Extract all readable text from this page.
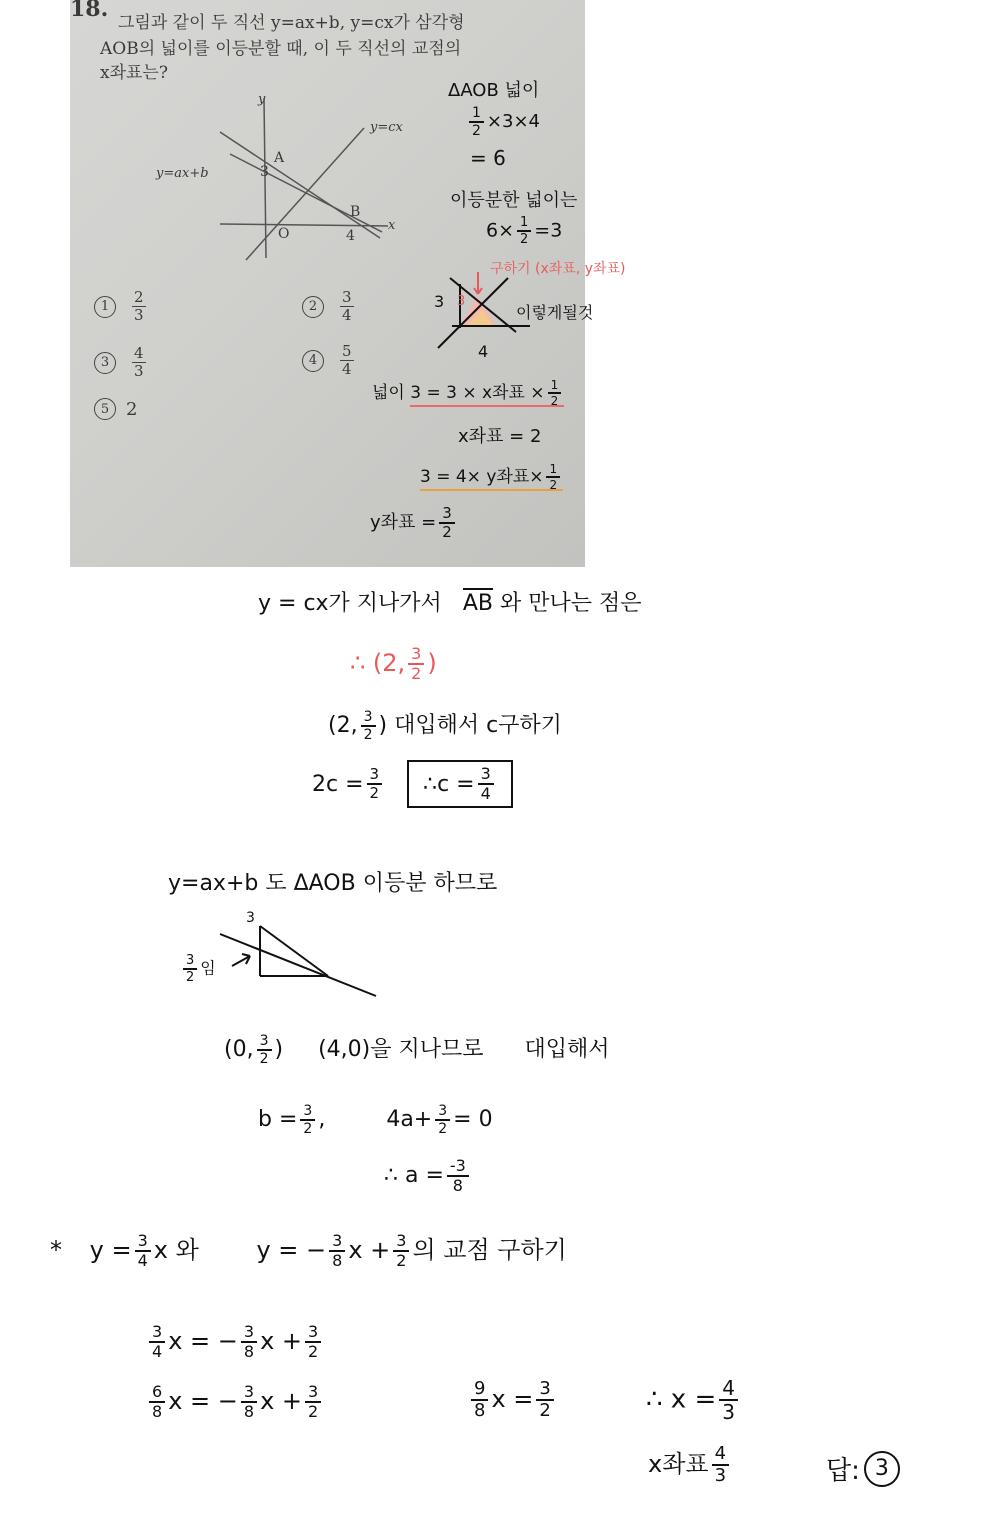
18.
그림과 같이 두 직선 y=ax+b, y=cx가 삼각형
AOB의 넓이를 이등분할 때, 이 두 직선의 교점의
x좌표는?
y
x
O
A
B
3
4
y=cx
y=ax+b
1	$\frac{2}{3}$	2	$\frac{3}{4}$
3	$\frac{4}{3}$	4	$\frac{5}{4}$
5 2
ΔAOB 넓이
$\frac{1}{2} \times 3\times 4$
= 6
이등분한 넓이는
$6\times \frac{1}{2} =3$
구하기 (x좌표, y좌표)
3 3
4
이렇게될것
넓이 3 = 3 × x좌표 × $\frac{1}{2}$
x좌표 = 2
3 = 4× y좌표× $\frac{1}{2}$
y좌표 = $\frac{3}{2}$
y = cx가 지나가서 AB 와 만나는 점은
∴ (2, $\frac{3}{2}$ )
(2, $\frac{3}{2}$ ) 대입해서 c구하기
$2c = \frac{3}{2}$ ∴c = $\frac{3}{4}$
y=ax+b 도 ΔAOB 이등분 하므로
3
$\frac{3}{2}$ 임
(0, $\frac{3}{2}$ ) (4,0)을 지나므로 대입해서
$b = \frac{3}{2}$ ,	$4a+ \frac{3}{2} = 0$
∴ $a = \frac{-3}{8}$
* $y = \frac{3}{4}$ x 와 y = − $\frac{3}{8}$ $x + \frac{3}{2}$ 의 교점 구하기
$\frac{3}{4}$ x = − $\frac{3}{8}$ $x + \frac{3}{2}$
$\frac{6}{8}$ x = − $\frac{3}{8}$ $x + \frac{3}{2}$	$\frac{9}{8}$ $x = \frac{3}{2}$	∴ $x = \frac{4}{3}$
x좌표 $\frac{4}{3}$	답: 3
